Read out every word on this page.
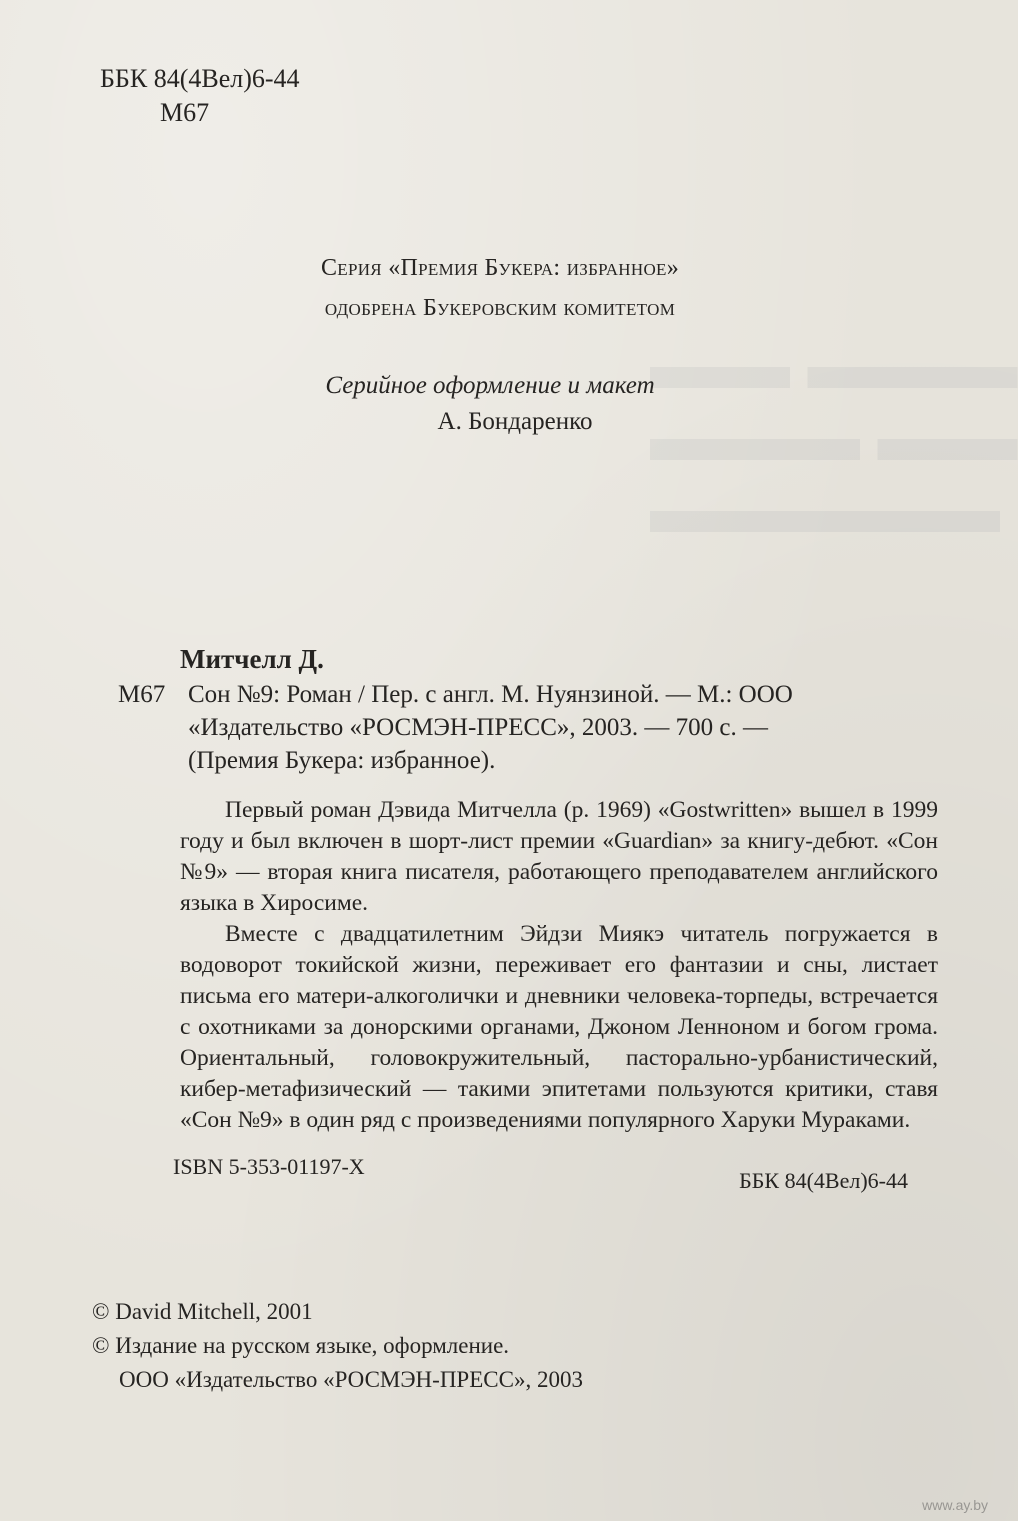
▬▬ ▬▬▬
▬▬▬ ▬▬
▬▬▬▬▬
ББК 84(4Вел)6-44
М67
Серия «Премия Букера: избранное»
одобрена Букеровским комитетом
Серийное оформление и макет
А. Бондаренко
Митчелл Д.
М67 Сон №9: Роман / Пер. с англ. М. Нуянзиной. — М.: ООО
«Издательство «РОСМЭН-ПРЕСС», 2003. — 700 с. —
(Премия Букера: избранное).

Первый роман Дэвида Митчелла (р. 1969) «Gostwritten» вышел в 1999 году и был включен в шорт-лист премии «Guardian» за книгу-дебют. «Сон №9» — вторая книга писателя, работающего преподавателем английского языка в Хиросиме.

Вместе с двадцатилетним Эйдзи Миякэ читатель погружается в водоворот токийской жизни, переживает его фантазии и сны, листает письма его матери-алкоголички и дневники человека-торпеды, встречается с охотниками за донорскими органами, Джоном Ленноном и богом грома. Ориентальный, головокружительный, пасторально-урбанистический, кибер-метафизический — такими эпитетами пользуются критики, ставя «Сон №9» в один ряд с произведениями популярного Харуки Мураками.

ISBN 5-353-01197-X
ББК 84(4Вел)6-44
© David Mitchell, 2001
© Издание на русском языке, оформление.
ООО «Издательство «РОСМЭН-ПРЕСС», 2003
www.ay.by
